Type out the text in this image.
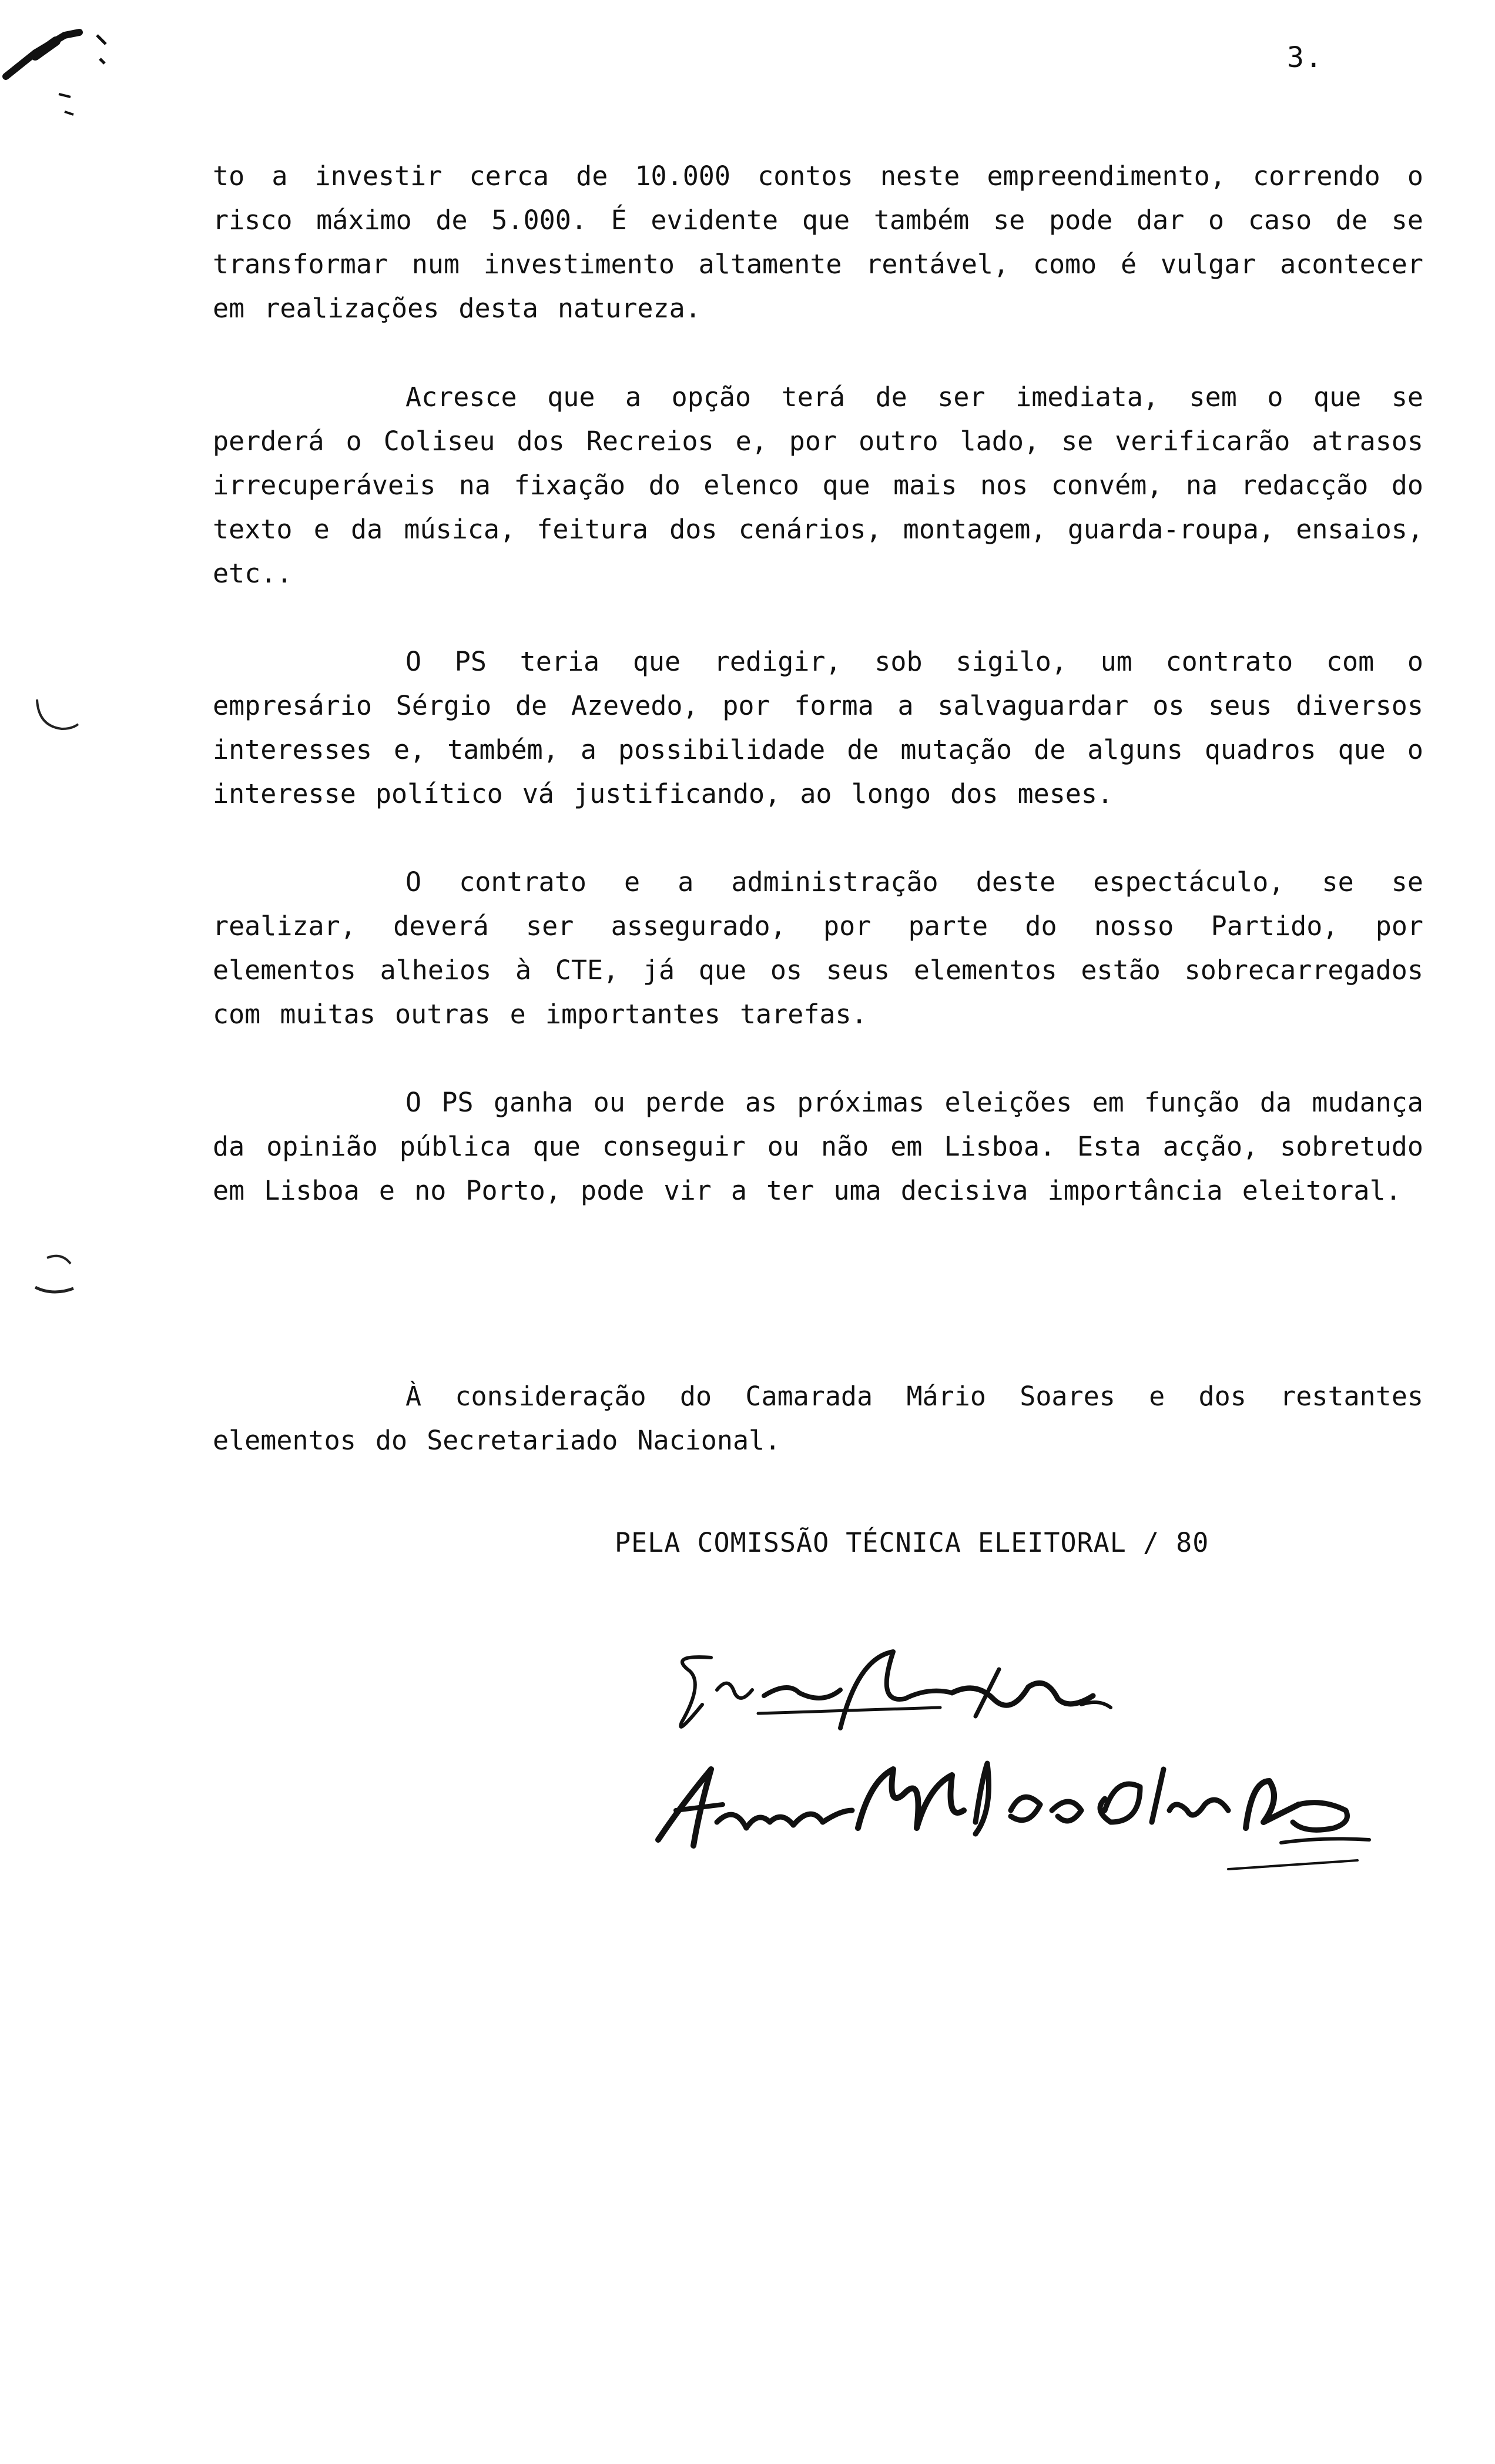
3.
to a investir cerca de 10.000 contos neste empreendimento, correndo o risco máximo de 5.000. É evidente que também se pode dar o caso de se transformar num investimento altamente rentável, como é vulgar acontecer em realizações desta natureza.
Acresce que a opção terá de ser imediata, sem o que se perderá o Coliseu dos Recreios e, por outro lado, se verificarão atrasos irrecuperáveis na fixação do elenco que mais nos convém, na redacção do texto e da música, feitura dos cenários, montagem, guarda-roupa, ensaios, etc..
O PS teria que redigir, sob sigilo, um contrato com o empresário Sérgio de Azevedo, por forma a salvaguardar os seus diversos interesses e, também, a possibilidade de mutação de alguns quadros que o interesse político vá justificando, ao longo dos meses.
O contrato e a administração deste espectáculo, se se realizar, deverá ser assegurado, por parte do nosso Partido, por elementos alheios à CTE, já que os seus elementos estão sobrecarregados com muitas outras e importantes tarefas.
O PS ganha ou perde as próximas eleições em função da mudança da opinião pública que conseguir ou não em Lisboa. Esta acção, sobretudo em Lisboa e no Porto, pode vir a ter uma decisiva importância eleitoral.
À consideração do Camarada Mário Soares e dos restantes elementos do Secretariado Nacional.
PELA COMISSÃO TÉCNICA ELEITORAL / 80
